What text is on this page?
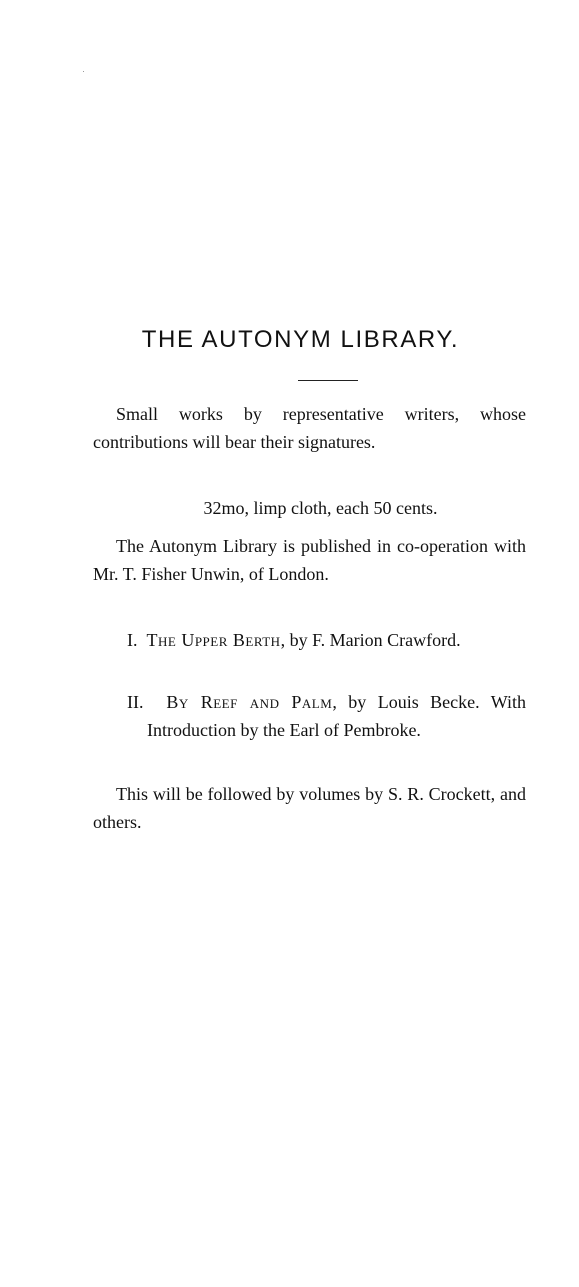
THE AUTONYM LIBRARY.
Small works by representative writers, whose contributions will bear their signatures.
32mo, limp cloth, each 50 cents.
The Autonym Library is published in co-operation with Mr. T. Fisher Unwin, of London.
I. The Upper Berth, by F. Marion Crawford.
II. By Reef and Palm, by Louis Becke. With Introduction by the Earl of Pembroke.
This will be followed by volumes by S. R. Crockett, and others.
